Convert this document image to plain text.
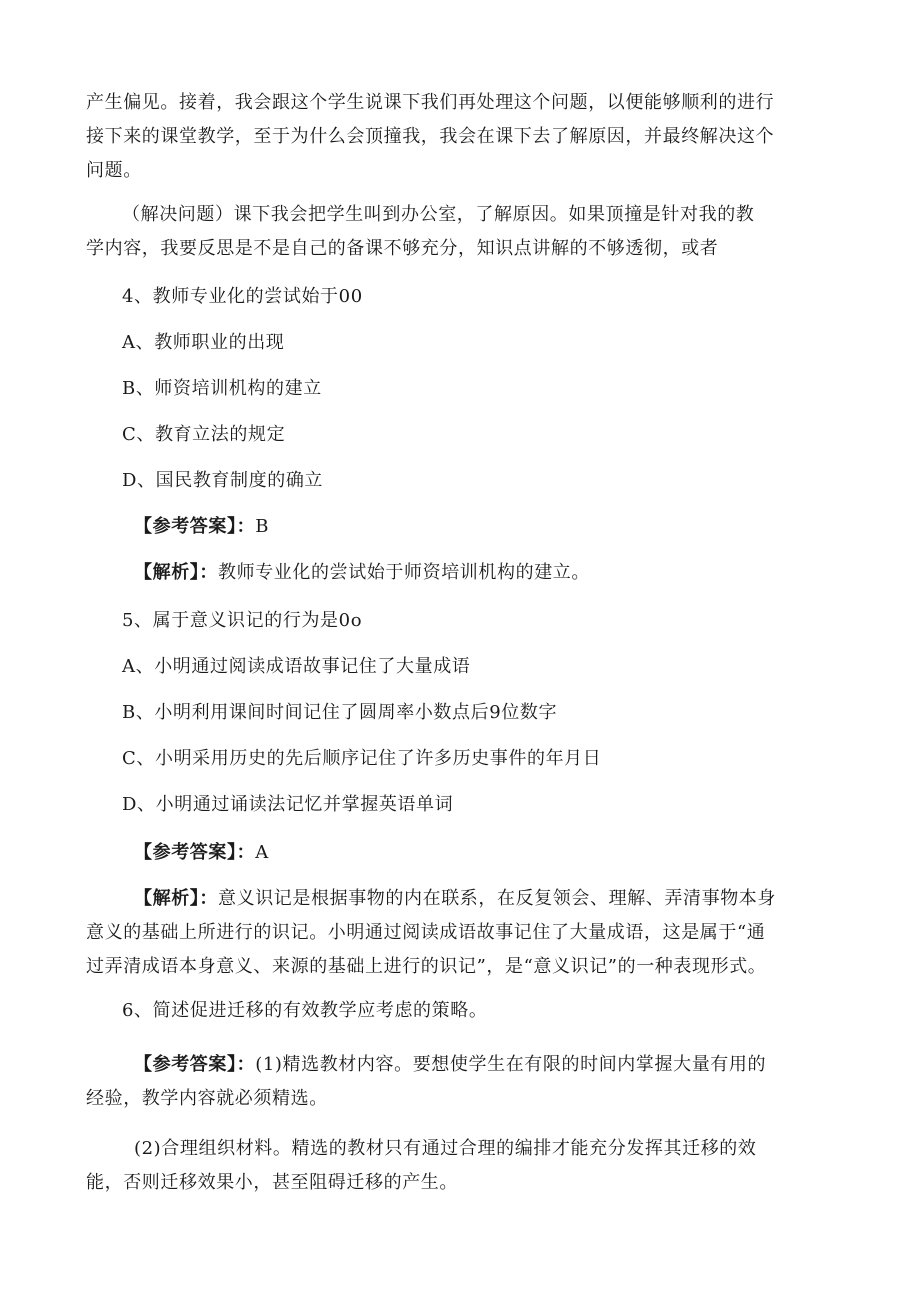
产生偏见。接着，我会跟这个学生说课下我们再处理这个问题，以便能够顺利的进行
接下来的课堂教学，至于为什么会顶撞我，我会在课下去了解原因，并最终解决这个
问题。
（解决问题）课下我会把学生叫到办公室，了解原因。如果顶撞是针对我的教
学内容，我要反思是不是自己的备课不够充分，知识点讲解的不够透彻，或者
4、教师专业化的尝试始于00
A、教师职业的出现
B、师资培训机构的建立
C、教育立法的规定
D、国民教育制度的确立
【参考答案】：B
【解析】：教师专业化的尝试始于师资培训机构的建立。
5、属于意义识记的行为是0o
A、小明通过阅读成语故事记住了大量成语
B、小明利用课间时间记住了圆周率小数点后9位数字
C、小明采用历史的先后顺序记住了许多历史事件的年月日
D、小明通过诵读法记忆并掌握英语单词
【参考答案】：A
【解析】：意义识记是根据事物的内在联系，在反复领会、理解、弄清事物本身
意义的基础上所进行的识记。小明通过阅读成语故事记住了大量成语，这是属于“通
过弄清成语本身意义、来源的基础上进行的识记”，是“意义识记”的一种表现形式。
6、简述促进迁移的有效教学应考虑的策略。
【参考答案】：(1)精选教材内容。要想使学生在有限的时间内掌握大量有用的
经验，教学内容就必须精选。
(2)合理组织材料。精选的教材只有通过合理的编排才能充分发挥其迁移的效
能，否则迁移效果小，甚至阻碍迁移的产生。
